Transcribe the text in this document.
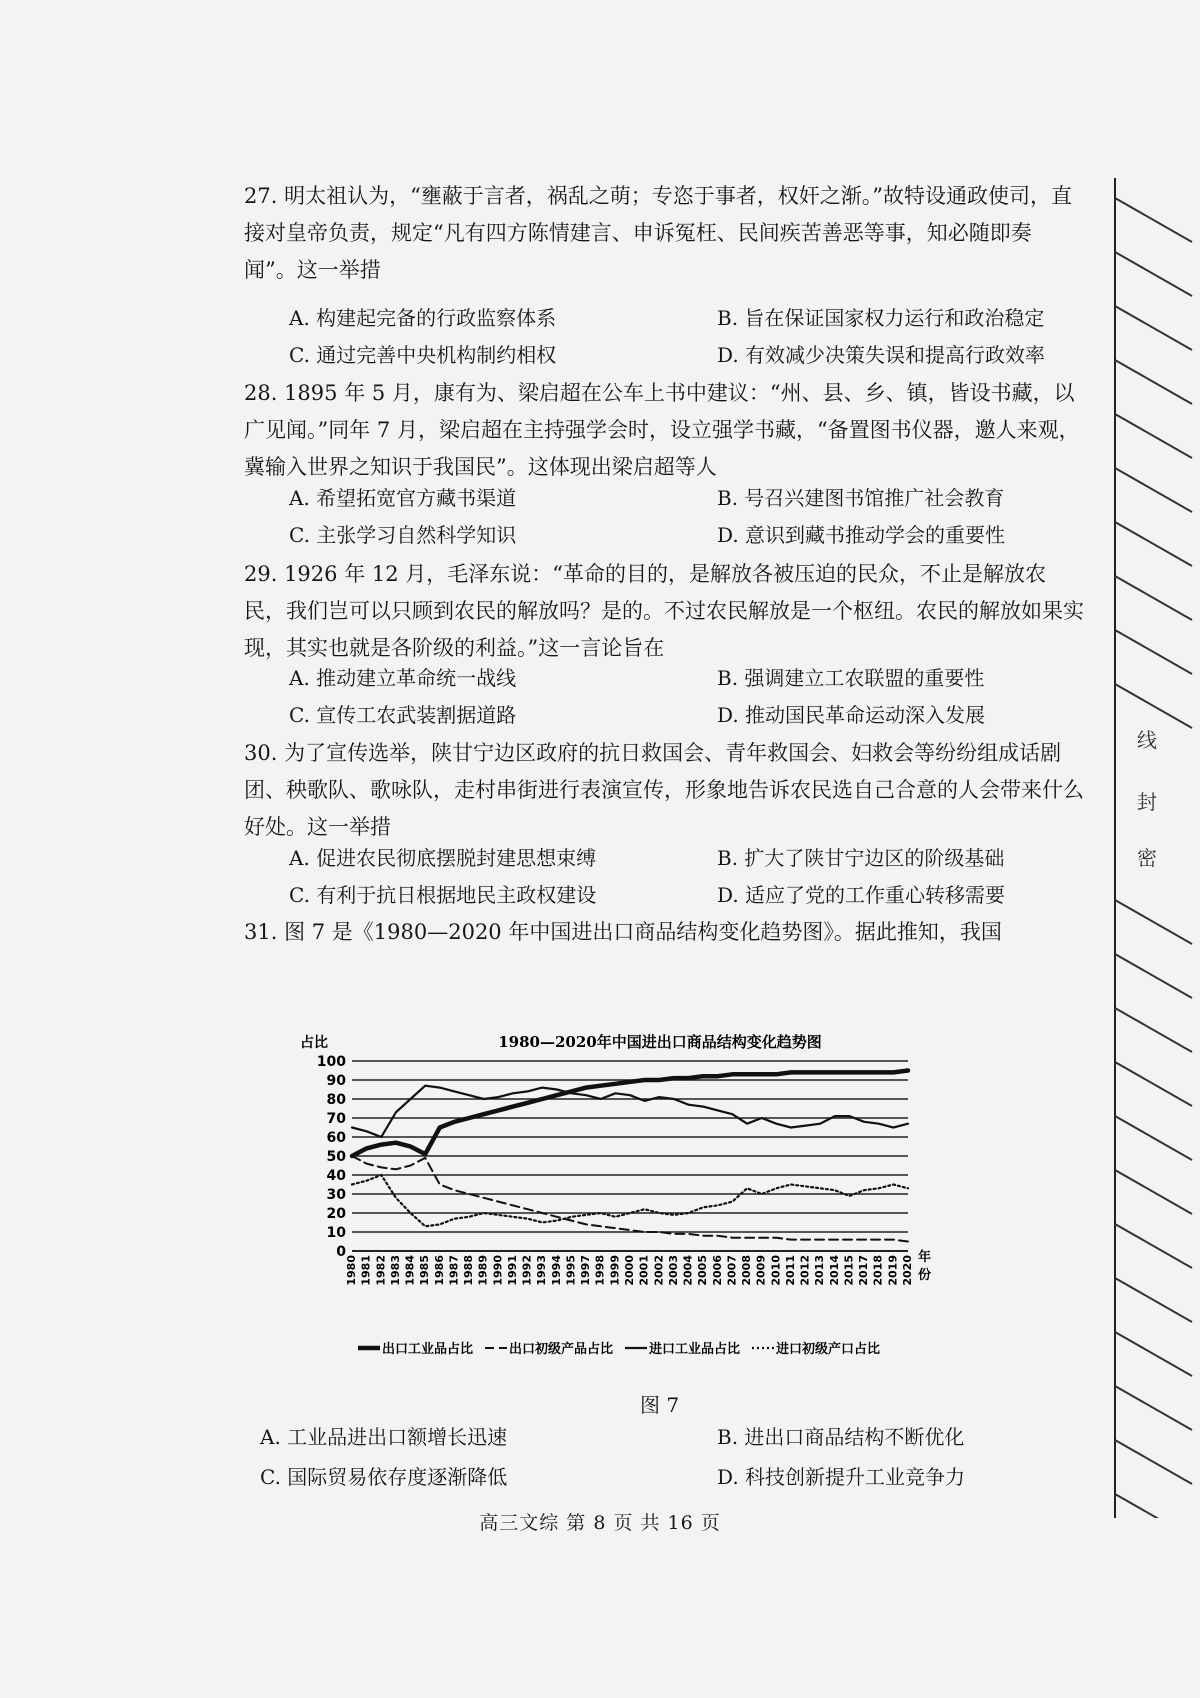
27. 明太祖认为，“壅蔽于言者，祸乱之萌；专恣于事者，权奸之渐。”故特设通政使司，直接对皇帝负责，规定“凡有四方陈情建言、申诉冤枉、民间疾苦善恶等事，知必随即奏闻”。这一举措

A. 构建起完备的行政监察体系	B. 旨在保证国家权力运行和政治稳定
C. 通过完善中央机构制约相权	D. 有效减少决策失误和提高行政效率

28. 1895 年 5 月，康有为、梁启超在公车上书中建议：“州、县、乡、镇，皆设书藏，以广见闻。”同年 7 月，梁启超在主持强学会时，设立强学书藏，“备置图书仪器，邀人来观，冀输入世界之知识于我国民”。这体现出梁启超等人

A. 希望拓宽官方藏书渠道	B. 号召兴建图书馆推广社会教育
C. 主张学习自然科学知识	D. 意识到藏书推动学会的重要性

29. 1926 年 12 月，毛泽东说：“革命的目的，是解放各被压迫的民众，不止是解放农民，我们岂可以只顾到农民的解放吗？是的。不过农民解放是一个枢纽。农民的解放如果实现，其实也就是各阶级的利益。”这一言论旨在

A. 推动建立革命统一战线	B. 强调建立工农联盟的重要性
C. 宣传工农武装割据道路	D. 推动国民革命运动深入发展

30. 为了宣传选举，陕甘宁边区政府的抗日救国会、青年救国会、妇救会等纷纷组成话剧团、秧歌队、歌咏队，走村串街进行表演宣传，形象地告诉农民选自己合意的人会带来什么好处。这一举措

A. 促进农民彻底摆脱封建思想束缚	B. 扩大了陕甘宁边区的阶级基础
C. 有利于抗日根据地民主政权建设	D. 适应了党的工作重心转移需要

31. 图 7 是《1980—2020 年中国进出口商品结构变化趋势图》。据此推知，我国

1980—2020年中国进出口商品结构变化趋势图
占比
0
10
20
30
40
50
60
70
80
90
100
1980 1981 1982 1983 1984 1985 1986 1987 1988 1989 1990 1991 1992 1993 1994 1995 1997 1998 1999 2000 2001 2002 2003 2004 2005 2006 2007 2008 2009 2010 2011 2012 2013 2014 2015 2017 2018 2019 2020 年
份
出口工业品占比	出口初级产品占比	进口工业品占比	进口初级产口占比
图 7
A. 工业品进出口额增长迅速	B. 进出口商品结构不断优化
C. 国际贸易依存度逐渐降低	D. 科技创新提升工业竞争力
高三文综 第 8 页 共 16 页
线
封
密
